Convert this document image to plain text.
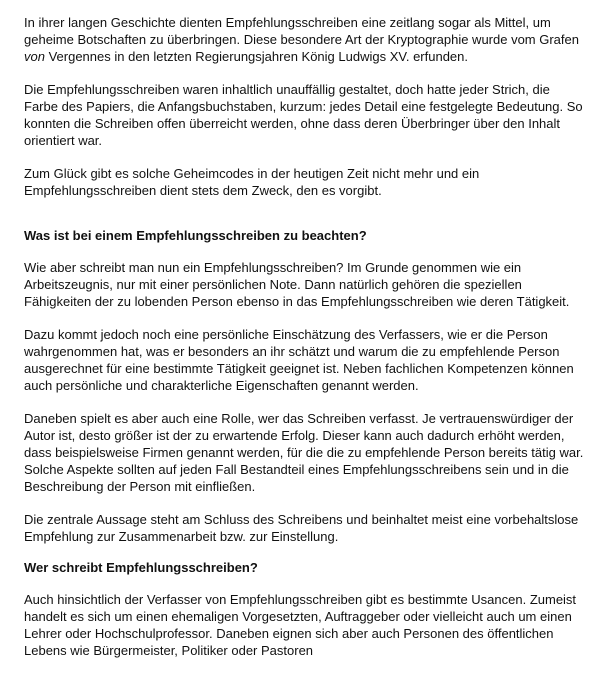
In ihrer langen Geschichte dienten Empfehlungsschreiben eine zeitlang sogar als Mittel, um geheime Botschaften zu überbringen. Diese besondere Art der Kryptographie wurde vom Grafen von Vergennes in den letzten Regierungsjahren König Ludwigs XV. erfunden.

Die Empfehlungsschreiben waren inhaltlich unauffällig gestaltet, doch hatte jeder Strich, die Farbe des Papiers, die Anfangsbuchstaben, kurzum: jedes Detail eine festgelegte Bedeutung. So konnten die Schreiben offen überreicht werden, ohne dass deren Überbringer über den Inhalt orientiert war.

Zum Glück gibt es solche Geheimcodes in der heutigen Zeit nicht mehr und ein Empfehlungsschreiben dient stets dem Zweck, den es vorgibt.

Was ist bei einem Empfehlungsschreiben zu beachten?

Wie aber schreibt man nun ein Empfehlungsschreiben? Im Grunde genommen wie ein Arbeitszeugnis, nur mit einer persönlichen Note. Dann natürlich gehören die speziellen Fähigkeiten der zu lobenden Person ebenso in das Empfehlungsschreiben wie deren Tätigkeit.

Dazu kommt jedoch noch eine persönliche Einschätzung des Verfassers, wie er die Person wahrgenommen hat, was er besonders an ihr schätzt und warum die zu empfehlende Person ausgerechnet für eine bestimmte Tätigkeit geeignet ist. Neben fachlichen Kompetenzen können auch persönliche und charakterliche Eigenschaften genannt werden.

Daneben spielt es aber auch eine Rolle, wer das Schreiben verfasst. Je vertrauenswürdiger der Autor ist, desto größer ist der zu erwartende Erfolg. Dieser kann auch dadurch erhöht werden, dass beispielsweise Firmen genannt werden, für die die zu empfehlende Person bereits tätig war. Solche Aspekte sollten auf jeden Fall Bestandteil eines Empfehlungsschreibens sein und in die Beschreibung der Person mit einfließen.

Die zentrale Aussage steht am Schluss des Schreibens und beinhaltet meist eine vorbehaltslose Empfehlung zur Zusammenarbeit bzw. zur Einstellung.

Wer schreibt Empfehlungsschreiben?

Auch hinsichtlich der Verfasser von Empfehlungsschreiben gibt es bestimmte Usancen. Zumeist handelt es sich um einen ehemaligen Vorgesetzten, Auftraggeber oder vielleicht auch um einen Lehrer oder Hochschulprofessor. Daneben eignen sich aber auch Personen des öffentlichen Lebens wie Bürgermeister, Politiker oder Pastoren
